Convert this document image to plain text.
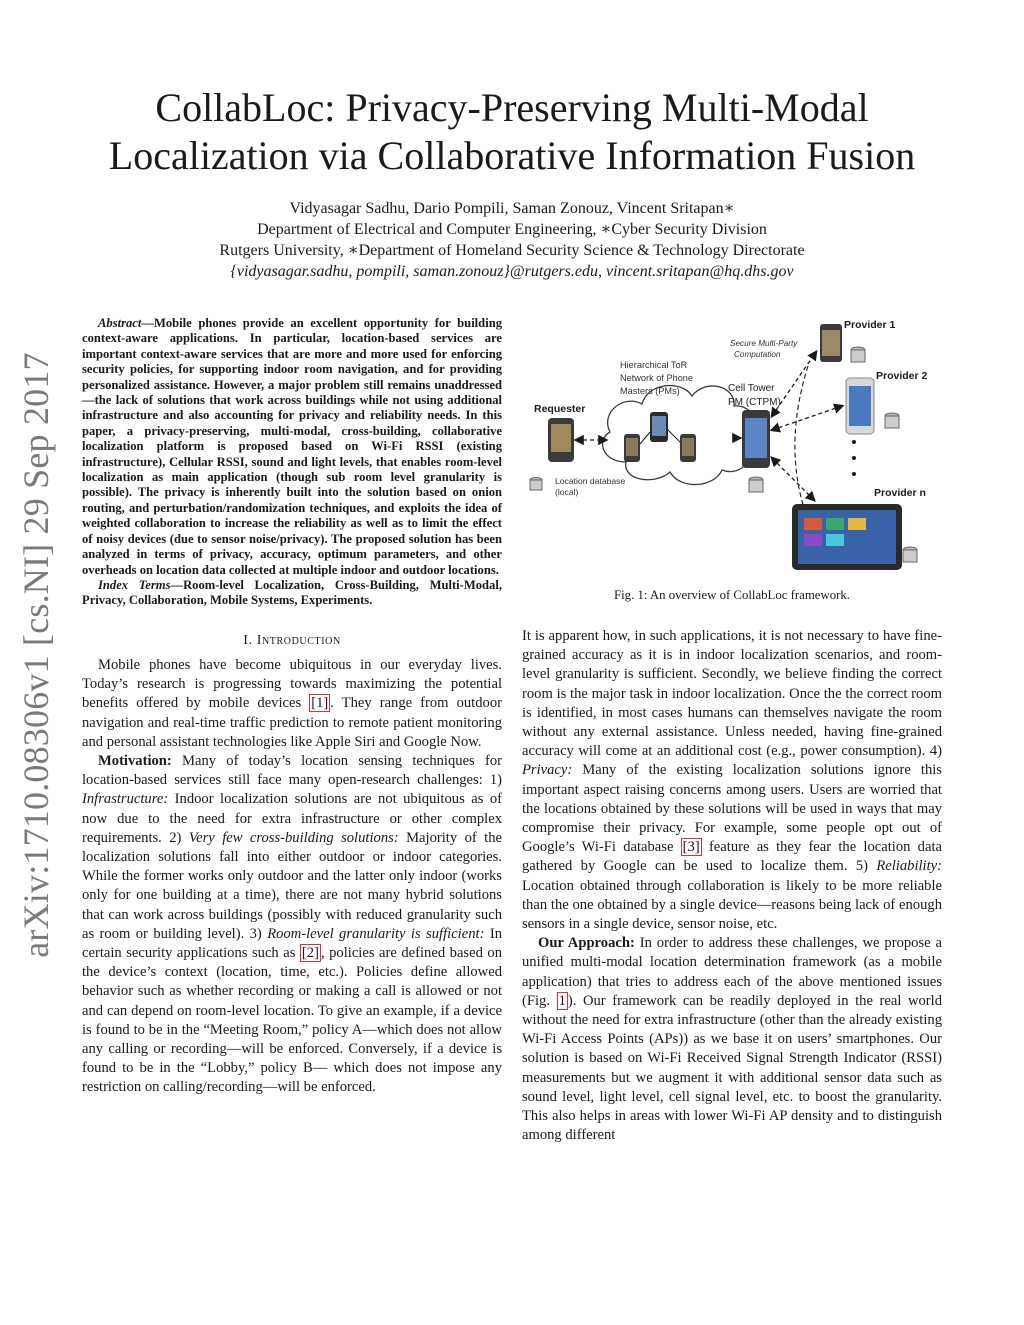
arXiv:1710.08306v1 [cs.NI] 29 Sep 2017
CollabLoc: Privacy-Preserving Multi-Modal
Localization via Collaborative Information Fusion
Vidyasagar Sadhu, Dario Pompili, Saman Zonouz, Vincent Sritapan∗
Department of Electrical and Computer Engineering, ∗Cyber Security Division
Rutgers University, ∗Department of Homeland Security Science & Technology Directorate
{vidyasagar.sadhu, pompili, saman.zonouz}@rutgers.edu, vincent.sritapan@hq.dhs.gov

Abstract—Mobile phones provide an excellent opportunity for building context-aware applications. In particular, location-based services are important context-aware services that are more and more used for enforcing security policies, for supporting indoor room navigation, and for providing personalized assistance. However, a major problem still remains unaddressed—the lack of solutions that work across buildings while not using additional infrastructure and also accounting for privacy and reliability needs. In this paper, a privacy-preserving, multi-modal, cross-building, collaborative localization platform is proposed based on Wi-Fi RSSI (existing infrastructure), Cellular RSSI, sound and light levels, that enables room-level localization as main application (though sub room level granularity is possible). The privacy is inherently built into the solution based on onion routing, and perturbation/randomization techniques, and exploits the idea of weighted collaboration to increase the reliability as well as to limit the effect of noisy devices (due to sensor noise/privacy). The proposed solution has been analyzed in terms of privacy, accuracy, optimum parameters, and other overheads on location data collected at multiple indoor and outdoor locations.

Index Terms—Room-level Localization, Cross-Building, Multi-Modal, Privacy, Collaboration, Mobile Systems, Experiments.

I. Introduction

Mobile phones have become ubiquitous in our everyday lives. Today’s research is progressing towards maximizing the potential benefits offered by mobile devices [1] . They range from outdoor navigation and real-time traffic prediction to remote patient monitoring and personal assistant technologies like Apple Siri and Google Now.

Motivation: Many of today’s location sensing techniques for location-based services still face many open-research challenges: 1) Infrastructure: Indoor localization solutions are not ubiquitous as of now due to the need for extra infrastructure or other complex requirements. 2) Very few cross-building solutions: Majority of the localization solutions fall into either outdoor or indoor categories. While the former works only outdoor and the latter only indoor (works only for one building at a time), there are not many hybrid solutions that can work across buildings (possibly with reduced granularity such as room or building level). 3) Room-level granularity is sufficient: In certain security applications such as [2] , policies are defined based on the device’s context (location, time, etc.). Policies define allowed behavior such as whether recording or making a call is allowed or not and can depend on room-level location. To give an example, if a device is found to be in the “Meeting Room,” policy A—which does not allow any calling or recording—will be enforced. Conversely, if a device is found to be in the “Lobby,” policy B— which does not impose any restriction on calling/recording—will be enforced.

Requester
Location database
(local)
Hierarchical ToR
Network of Phone
Masters (PMs)	Cell Tower
PM (CTPM)
Secure Multi-Party
Computation
Provider 1
Provider 2
Provider n
Fig. 1: An overview of CollabLoc framework.

It is apparent how, in such applications, it is not necessary to have fine-grained accuracy as it is in indoor localization scenarios, and room-level granularity is sufficient. Secondly, we believe finding the correct room is the major task in indoor localization. Once the the correct room is identified, in most cases humans can themselves navigate the room without any external assistance. Unless needed, having fine-grained accuracy will come at an additional cost (e.g., power consumption). 4) Privacy: Many of the existing localization solutions ignore this important aspect raising concerns among users. Users are worried that the locations obtained by these solutions will be used in ways that may compromise their privacy. For example, some people opt out of Google’s Wi-Fi database [3] feature as they fear the location data gathered by Google can be used to localize them. 5) Reliability: Location obtained through collaboration is likely to be more reliable than the one obtained by a single device—reasons being lack of enough sensors in a single device, sensor noise, etc.

Our Approach: In order to address these challenges, we propose a unified multi-modal location determination framework (as a mobile application) that tries to address each of the above mentioned issues (Fig. 1 ). Our framework can be readily deployed in the real world without the need for extra infrastructure (other than the already existing Wi-Fi Access Points (APs)) as we base it on users’ smartphones. Our solution is based on Wi-Fi Received Signal Strength Indicator (RSSI) measurements but we augment it with additional sensor data such as sound level, light level, cell signal level, etc. to boost the granularity. This also helps in areas with lower Wi-Fi AP density and to distinguish among different
